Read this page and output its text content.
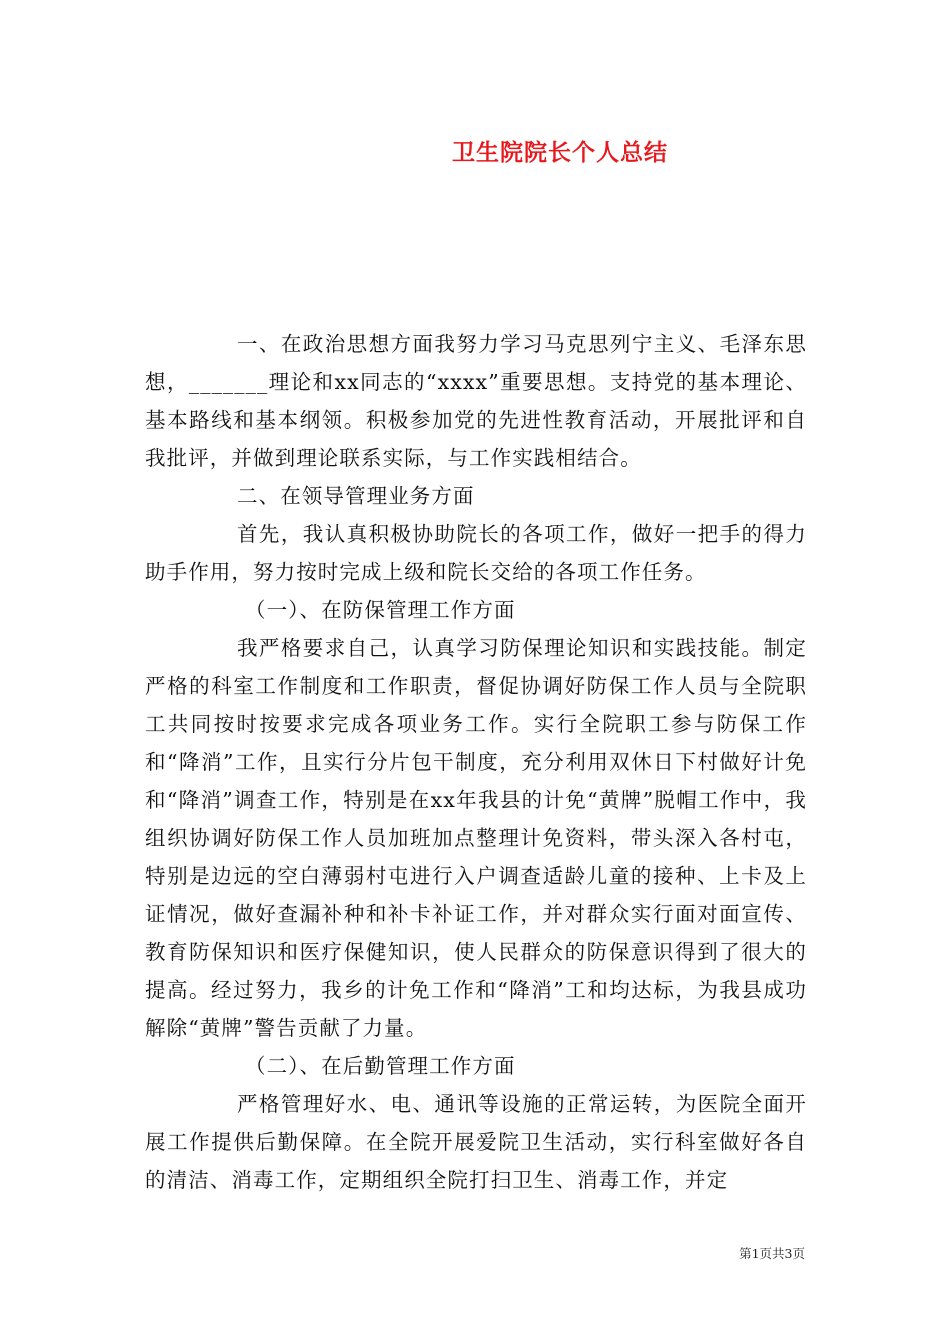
卫生院院长个人总结

一、在政治思想方面我努力学习马克思列宁主义、毛泽东思想，_______理论和xx同志的“xxxx”重要思想。支持党的基本理论、基本路线和基本纲领。积极参加党的先进性教育活动，开展批评和自我批评，并做到理论联系实际，与工作实践相结合。

二、在领导管理业务方面

首先，我认真积极协助院长的各项工作，做好一把手的得力助手作用，努力按时完成上级和院长交给的各项工作任务。

（一）、在防保管理工作方面

我严格要求自己，认真学习防保理论知识和实践技能。制定严格的科室工作制度和工作职责，督促协调好防保工作人员与全院职工共同按时按要求完成各项业务工作。实行全院职工参与防保工作和“降消”工作，且实行分片包干制度，充分利用双休日下村做好计免和“降消”调查工作，特别是在xx年我县的计免“黄牌”脱帽工作中，我组织协调好防保工作人员加班加点整理计免资料，带头深入各村屯，特别是边远的空白薄弱村屯进行入户调查适龄儿童的接种、上卡及上证情况，做好查漏补种和补卡补证工作，并对群众实行面对面宣传、教育防保知识和医疗保健知识，使人民群众的防保意识得到了很大的提高。经过努力，我乡的计免工作和“降消”工和均达标，为我县成功解除“黄牌”警告贡献了力量。

（二）、在后勤管理工作方面

严格管理好水、电、通讯等设施的正常运转，为医院全面开展工作提供后勤保障。在全院开展爱院卫生活动，实行科室做好各自的清洁、消毒工作，定期组织全院打扫卫生、消毒工作，并定

第1页共3页
